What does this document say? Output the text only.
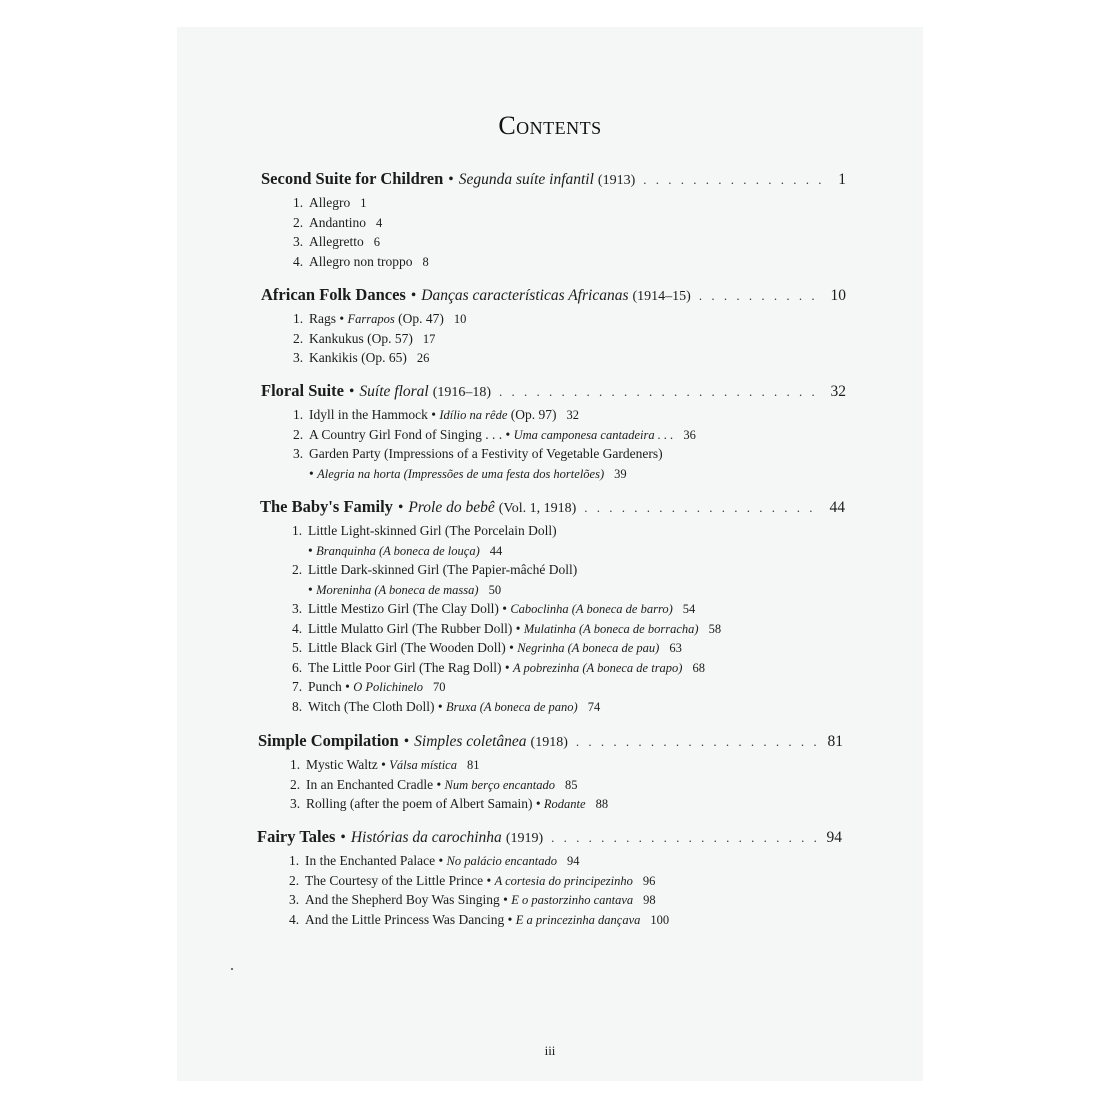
Contents
Second Suite for Children • Segunda suíte infantil (1913) . . .	1
1. Allegro 1
2. Andantino 4
3. Allegretto 6
4. Allegro non troppo 8
African Folk Dances • Danças características Africanas (1914–15) . . .	10
1. Rags • Farrapos (Op. 47) 10
2. Kankukus (Op. 57) 17
3. Kankikis (Op. 65) 26
Floral Suite • Suíte floral (1916–18) . . .	32
1. Idyll in the Hammock • Idílio na rêde (Op. 97) 32
2. A Country Girl Fond of Singing . . . • Uma camponesa cantadeira . . . 36
3. Garden Party (Impressions of a Festivity of Vegetable Gardeners)
• Alegria na horta (Impressões de uma festa dos hortelões) 39
The Baby's Family • Prole do bebê (Vol. 1, 1918) . . .	44
1. Little Light-skinned Girl (The Porcelain Doll)
• Branquinha (A boneca de louça) 44
2. Little Dark-skinned Girl (The Papier-mâché Doll)
• Moreninha (A boneca de massa) 50
3. Little Mestizo Girl (The Clay Doll) • Caboclinha (A boneca de barro) 54
4. Little Mulatto Girl (The Rubber Doll) • Mulatinha (A boneca de borracha) 58
5. Little Black Girl (The Wooden Doll) • Negrinha (A boneca de pau) 63
6. The Little Poor Girl (The Rag Doll) • A pobrezinha (A boneca de trapo) 68
7. Punch • O Polichinelo 70
8. Witch (The Cloth Doll) • Bruxa (A boneca de pano) 74
Simple Compilation • Simples coletânea (1918) . . .	81
1. Mystic Waltz • Válsa mística 81
2. In an Enchanted Cradle • Num berço encantado 85
3. Rolling (after the poem of Albert Samain) • Rodante 88
Fairy Tales • Histórias da carochinha (1919) . . .	94
1. In the Enchanted Palace • No palácio encantado 94
2. The Courtesy of the Little Prince • A cortesia do principezinho 96
3. And the Shepherd Boy Was Singing • E o pastorzinho cantava 98
4. And the Little Princess Was Dancing • E a princezinha dançava 100
iii
